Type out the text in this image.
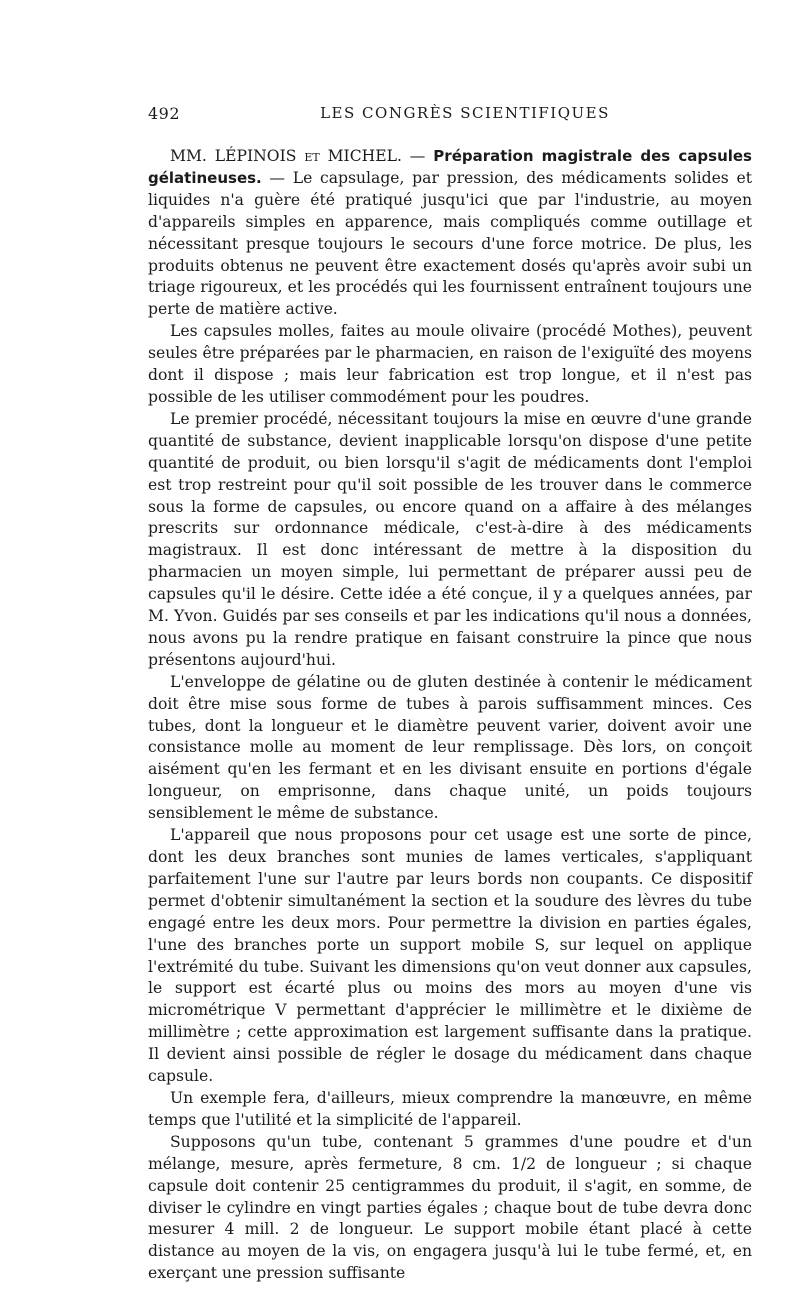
492	LES CONGRÈS SCIENTIFIQUES

MM. LÉPINOIS et MICHEL. — Préparation magistrale des capsules gélatineuses. — Le capsulage, par pression, des médicaments solides et liquides n'a guère été pratiqué jusqu'ici que par l'industrie, au moyen d'appareils simples en apparence, mais compliqués comme outillage et nécessitant presque toujours le secours d'une force motrice. De plus, les produits obtenus ne peuvent être exactement dosés qu'après avoir subi un triage rigoureux, et les procédés qui les fournissent entraînent toujours une perte de matière active.

Les capsules molles, faites au moule olivaire (procédé Mothes), peuvent seules être préparées par le pharmacien, en raison de l'exiguïté des moyens dont il dispose ; mais leur fabrication est trop longue, et il n'est pas possible de les utiliser commodément pour les poudres.

Le premier procédé, nécessitant toujours la mise en œuvre d'une grande quantité de substance, devient inapplicable lorsqu'on dispose d'une petite quantité de produit, ou bien lorsqu'il s'agit de médicaments dont l'emploi est trop restreint pour qu'il soit possible de les trouver dans le commerce sous la forme de capsules, ou encore quand on a affaire à des mélanges prescrits sur ordonnance médicale, c'est-à-dire à des médicaments magistraux. Il est donc intéressant de mettre à la disposition du pharmacien un moyen simple, lui permettant de préparer aussi peu de capsules qu'il le désire. Cette idée a été conçue, il y a quelques années, par M. Yvon. Guidés par ses conseils et par les indications qu'il nous a données, nous avons pu la rendre pratique en faisant construire la pince que nous présentons aujourd'hui.

L'enveloppe de gélatine ou de gluten destinée à contenir le médicament doit être mise sous forme de tubes à parois suffisamment minces. Ces tubes, dont la longueur et le diamètre peuvent varier, doivent avoir une consistance molle au moment de leur remplissage. Dès lors, on conçoit aisément qu'en les fermant et en les divisant ensuite en portions d'égale longueur, on emprisonne, dans chaque unité, un poids toujours sensiblement le même de substance.

L'appareil que nous proposons pour cet usage est une sorte de pince, dont les deux branches sont munies de lames verticales, s'appliquant parfaitement l'une sur l'autre par leurs bords non coupants. Ce dispositif permet d'obtenir simultanément la section et la soudure des lèvres du tube engagé entre les deux mors. Pour permettre la division en parties égales, l'une des branches porte un support mobile S, sur lequel on applique l'extrémité du tube. Suivant les dimensions qu'on veut donner aux capsules, le support est écarté plus ou moins des mors au moyen d'une vis micrométrique V permettant d'apprécier le millimètre et le dixième de millimètre ; cette approximation est largement suffisante dans la pratique. Il devient ainsi possible de régler le dosage du médicament dans chaque capsule.

Un exemple fera, d'ailleurs, mieux comprendre la manœuvre, en même temps que l'utilité et la simplicité de l'appareil.

Supposons qu'un tube, contenant 5 grammes d'une poudre et d'un mélange, mesure, après fermeture, 8 cm. 1/2 de longueur ; si chaque capsule doit contenir 25 centigrammes du produit, il s'agit, en somme, de diviser le cylindre en vingt parties égales ; chaque bout de tube devra donc mesurer 4 mill. 2 de longueur. Le support mobile étant placé à cette distance au moyen de la vis, on engagera jusqu'à lui le tube fermé, et, en exerçant une pression suffisante
